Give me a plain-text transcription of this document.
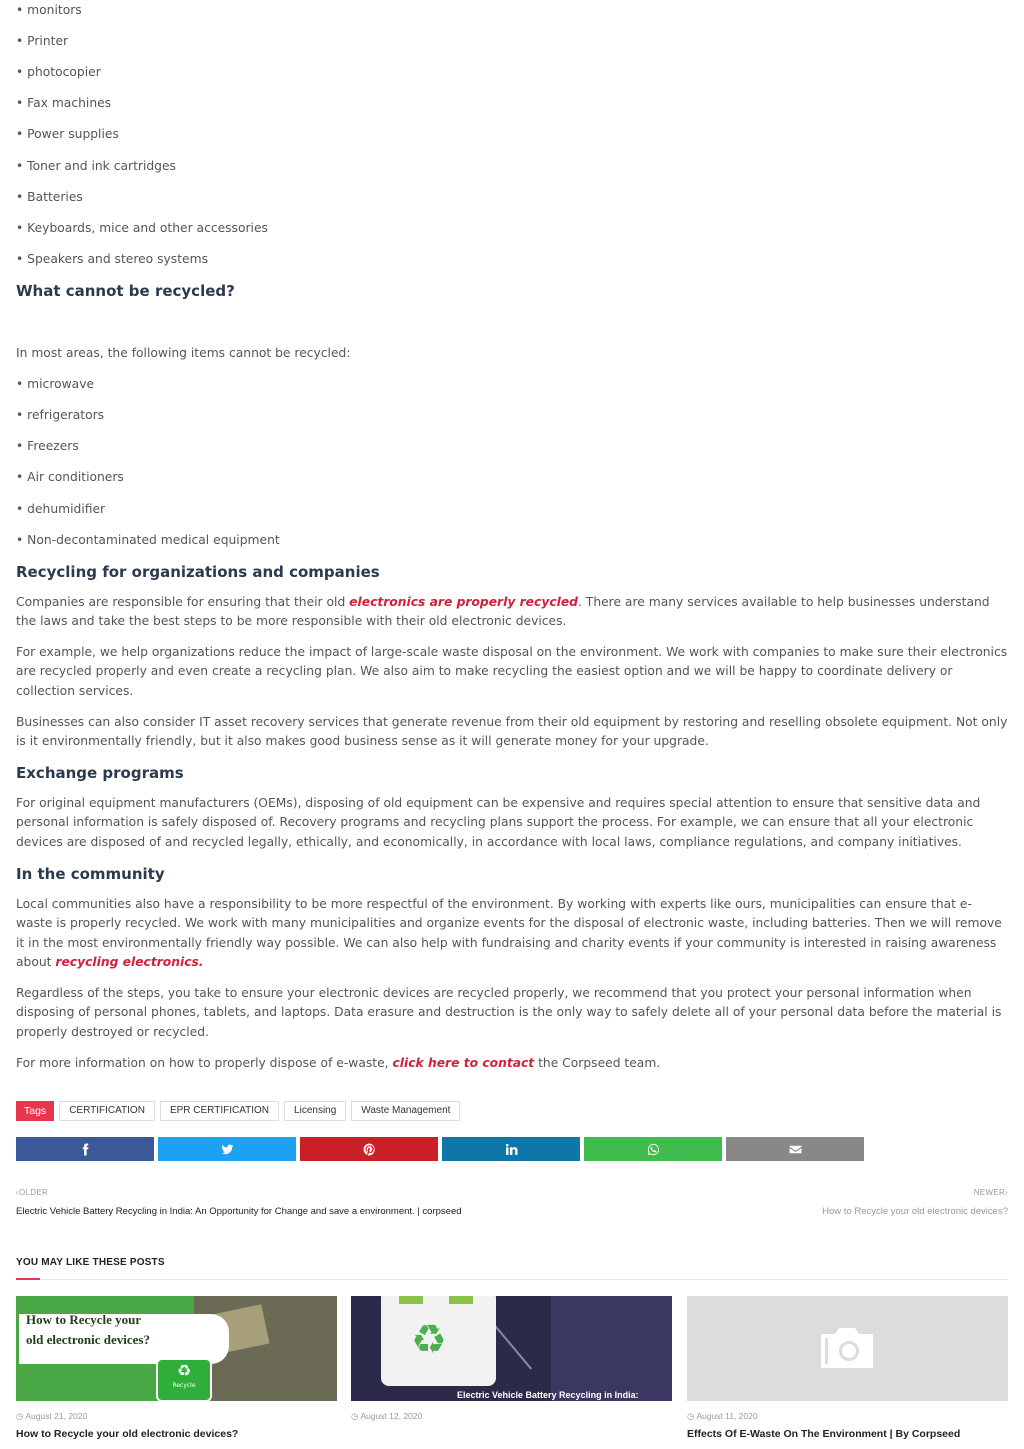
• monitors
• Printer
• photocopier
• Fax machines
• Power supplies
• Toner and ink cartridges
• Batteries
• Keyboards, mice and other accessories
• Speakers and stereo systems
What cannot be recycled?
In most areas, the following items cannot be recycled:
• microwave
• refrigerators
• Freezers
• Air conditioners
• dehumidifier
• Non-decontaminated medical equipment
Recycling for organizations and companies
Companies are responsible for ensuring that their old electronics are properly recycled. There are many services available to help businesses understand the laws and take the best steps to be more responsible with their old electronic devices.
For example, we help organizations reduce the impact of large-scale waste disposal on the environment. We work with companies to make sure their electronics are recycled properly and even create a recycling plan. We also aim to make recycling the easiest option and we will be happy to coordinate delivery or collection services.
Businesses can also consider IT asset recovery services that generate revenue from their old equipment by restoring and reselling obsolete equipment. Not only is it environmentally friendly, but it also makes good business sense as it will generate money for your upgrade.
Exchange programs
For original equipment manufacturers (OEMs), disposing of old equipment can be expensive and requires special attention to ensure that sensitive data and personal information is safely disposed of. Recovery programs and recycling plans support the process. For example, we can ensure that all your electronic devices are disposed of and recycled legally, ethically, and economically, in accordance with local laws, compliance regulations, and company initiatives.
In the community
Local communities also have a responsibility to be more respectful of the environment. By working with experts like ours, municipalities can ensure that e-waste is properly recycled. We work with many municipalities and organize events for the disposal of electronic waste, including batteries. Then we will remove it in the most environmentally friendly way possible. We can also help with fundraising and charity events if your community is interested in raising awareness about recycling electronics.
Regardless of the steps, you take to ensure your electronic devices are recycled properly, we recommend that you protect your personal information when disposing of personal phones, tablets, and laptops. Data erasure and destruction is the only way to safely delete all of your personal data before the material is properly destroyed or recycled.
For more information on how to properly dispose of e-waste, click here to contact the Corpseed team.
Tags	CERTIFICATION	EPR CERTIFICATION	Licensing	Waste Management
‹OLDER
Electric Vehicle Battery Recycling in India: An Opportunity for Change and save a environment. | corpseed
NEWER›
How to Recycle your old electronic devices?
YOU MAY LIKE THESE POSTS
How to Recycle your
old electronic devices?
♻
Recycle
◷ August 21, 2020
How to Recycle your old electronic devices?
♻
Electric Vehicle Battery Recycling in India:
◷ August 12, 2020	◷ August 11, 2020
Effects Of E-Waste On The Environment | By Corpseed
